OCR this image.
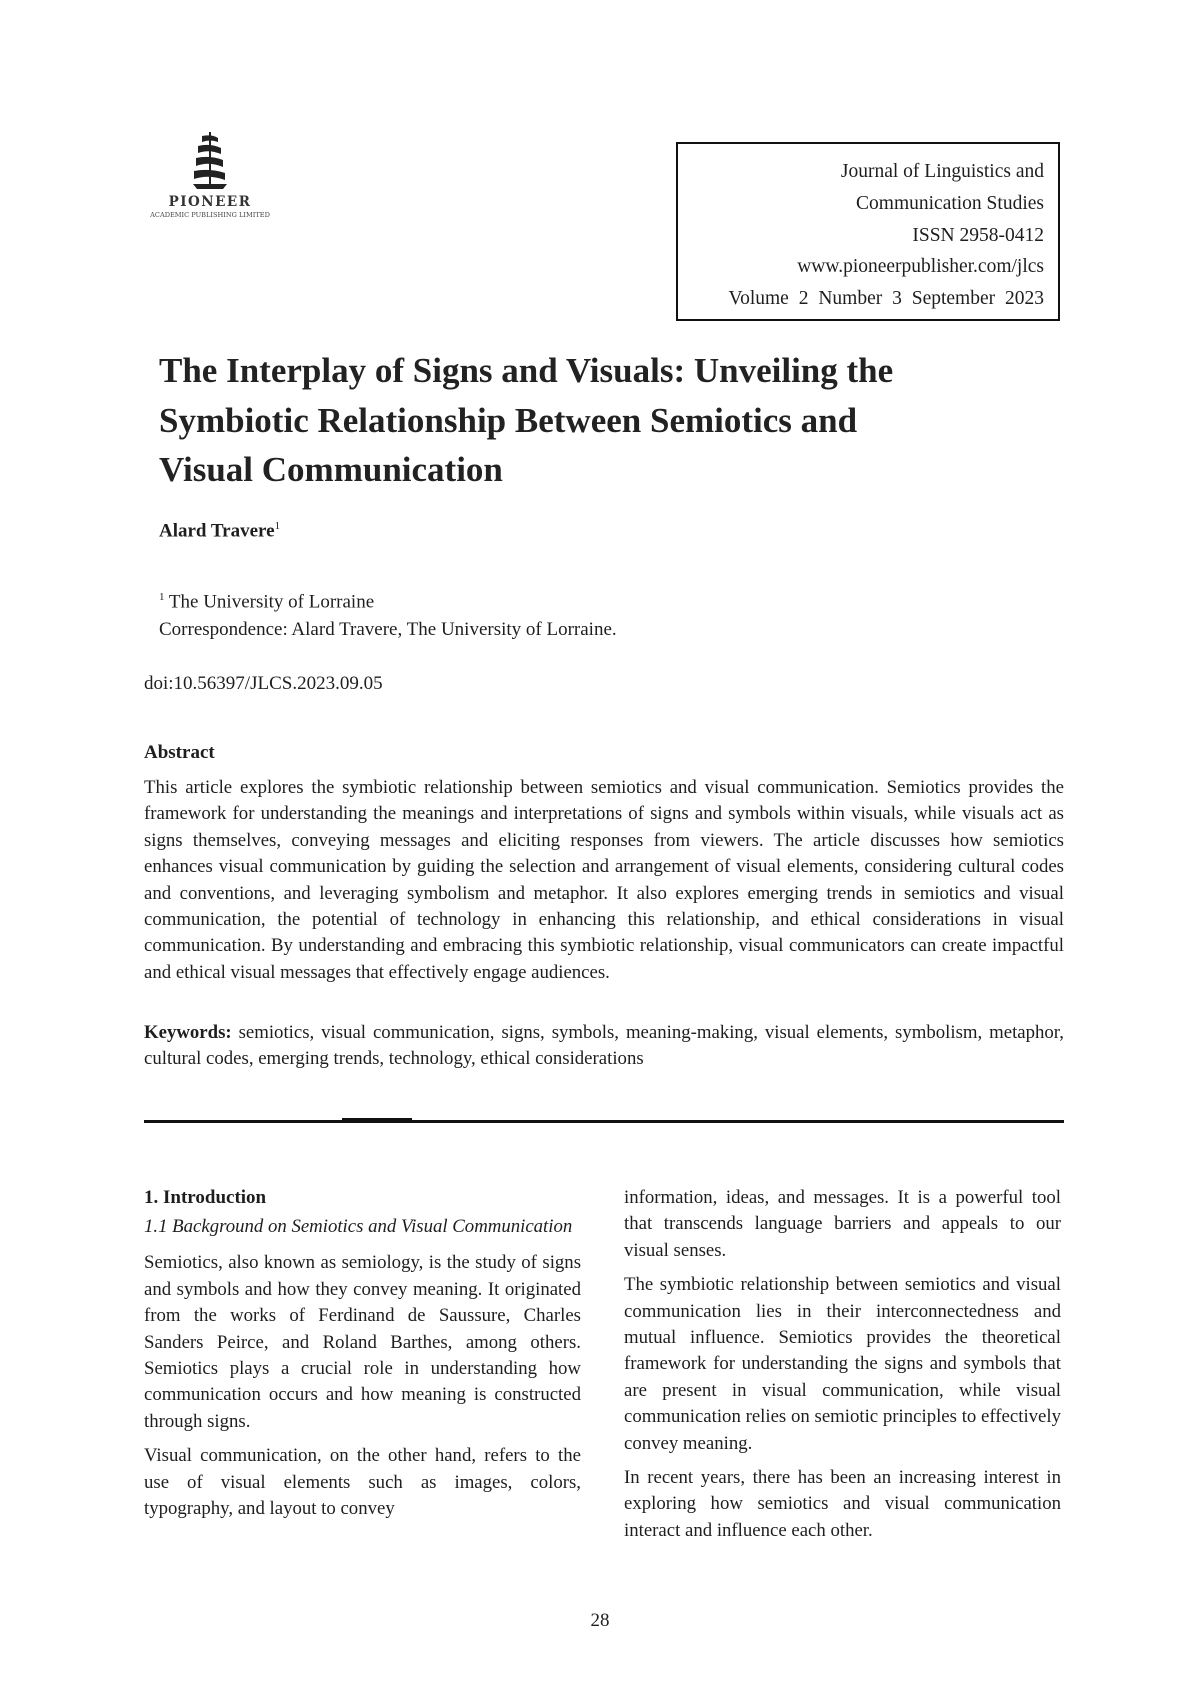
PIONEER
ACADEMIC PUBLISHING LIMITED
Journal of Linguistics and
Communication Studies
ISSN 2958-0412
www.pioneerpublisher.com/jlcs
Volume 2 Number 3 September 2023
The Interplay of Signs and Visuals: Unveiling the
Symbiotic Relationship Between Semiotics and
Visual Communication
Alard Travere$^1$
$^1$ The University of Lorraine
Correspondence: Alard Travere, The University of Lorraine.
doi:10.56397/JLCS.2023.09.05
Abstract
This article explores the symbiotic relationship between semiotics and visual communication. Semiotics provides the framework for understanding the meanings and interpretations of signs and symbols within visuals, while visuals act as signs themselves, conveying messages and eliciting responses from viewers. The article discusses how semiotics enhances visual communication by guiding the selection and arrangement of visual elements, considering cultural codes and conventions, and leveraging symbolism and metaphor. It also explores emerging trends in semiotics and visual communication, the potential of technology in enhancing this relationship, and ethical considerations in visual communication. By understanding and embracing this symbiotic relationship, visual communicators can create impactful and ethical visual messages that effectively engage audiences.
Keywords: semiotics, visual communication, signs, symbols, meaning-making, visual elements, symbolism, metaphor, cultural codes, emerging trends, technology, ethical considerations
1. Introduction
1.1 Background on Semiotics and Visual Communication
Semiotics, also known as semiology, is the study of signs and symbols and how they convey meaning. It originated from the works of Ferdinand de Saussure, Charles Sanders Peirce, and Roland Barthes, among others. Semiotics plays a crucial role in understanding how communication occurs and how meaning is constructed through signs.
Visual communication, on the other hand, refers to the use of visual elements such as images, colors, typography, and layout to convey
information, ideas, and messages. It is a powerful tool that transcends language barriers and appeals to our visual senses.
The symbiotic relationship between semiotics and visual communication lies in their interconnectedness and mutual influence. Semiotics provides the theoretical framework for understanding the signs and symbols that are present in visual communication, while visual communication relies on semiotic principles to effectively convey meaning.
In recent years, there has been an increasing interest in exploring how semiotics and visual communication interact and influence each other.
28
